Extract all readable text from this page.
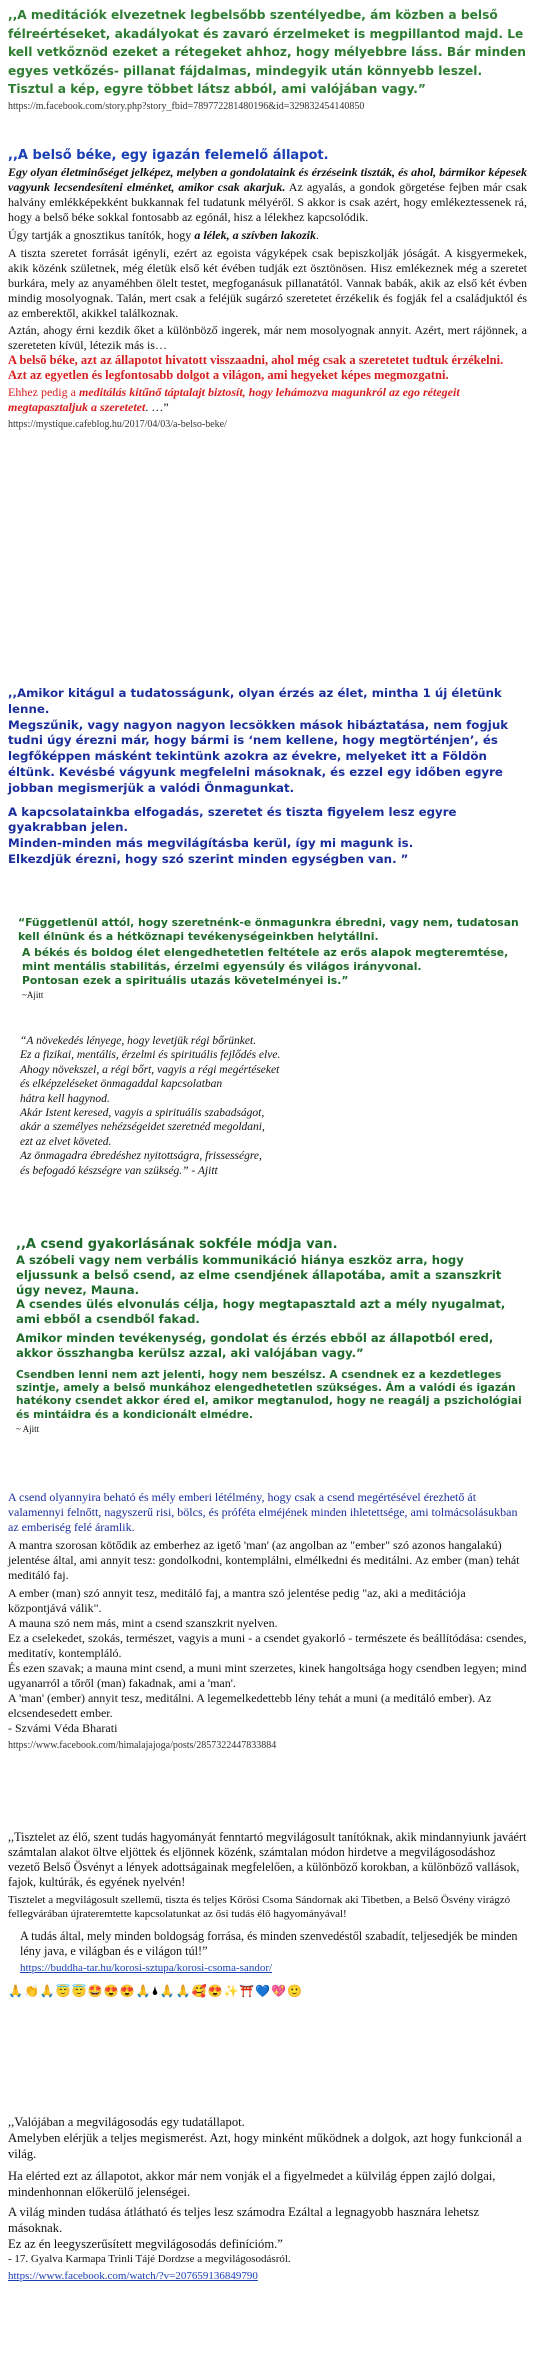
,,A meditációk elvezetnek legbelsőbb szentélyedbe, ám közben a belső félreértéseket, akadályokat és zavaró érzelmeket is megpillantod majd. Le kell vetkőznöd ezeket a rétegeket ahhoz, hogy mélyebbre láss. Bár minden egyes vetkőzés- pillanat fájdalmas, mindegyik után könnyebb leszel. Tisztul a kép, egyre többet látsz abból, ami valójában vagy.”

https://m.facebook.com/story.php?story_fbid=789772281480196&id=329832454140850

,,A belső béke, egy igazán felemelő állapot.

Egy olyan életminőséget jelképez, melyben a gondolataink és érzéseink tiszták, és ahol, bármikor képesek vagyunk lecsendesíteni elménket, amikor csak akarjuk. Az agyalás, a gondok görgetése fejben már csak halvány emlékképekként bukkannak fel tudatunk mélyéről. S akkor is csak azért, hogy emlékeztessenek rá, hogy a belső béke sokkal fontosabb az egónál, hisz a lélekhez kapcsolódik.

Úgy tartják a gnosztikus tanítók, hogy a lélek, a szívben lakozik.

A tiszta szeretet forrását igényli, ezért az egoista vágyképek csak bepiszkolják jóságát. A kisgyermekek, akik közénk születnek, még életük első két évében tudják ezt ösztönösen. Hisz emlékeznek még a szeretet burkára, mely az anyaméhben ölelt testet, megfoganásuk pillanatától. Vannak babák, akik az első két évben mindig mosolyognak. Talán, mert csak a feléjük sugárzó szeretetet érzékelik és fogják fel a családjuktól és az emberektől, akikkel találkoznak.

Aztán, ahogy érni kezdik őket a különböző ingerek, már nem mosolyognak annyit. Azért, mert rájönnek, a szereteten kívül, létezik más is…

A belső béke, azt az állapotot hivatott visszaadni, ahol még csak a szeretetet tudtuk érzékelni.

Azt az egyetlen és legfontosabb dolgot a világon, ami hegyeket képes megmozgatni.

Ehhez pedig a meditálás kitűnő táptalajt biztosít, hogy lehámozva magunkról az ego rétegeit megtapasztaljuk a szeretetet. …”

https://mystique.cafeblog.hu/2017/04/03/a-belso-beke/

,,Amikor kitágul a tudatosságunk, olyan érzés az élet, mintha 1 új életünk lenne.

Megszűnik, vagy nagyon nagyon lecsökken mások hibáztatása, nem fogjuk tudni úgy érezni már, hogy bármi is ‘nem kellene, hogy megtörténjen’, és legfőképpen másként tekintünk azokra az évekre, melyeket itt a Földön éltünk. Kevésbé vágyunk megfelelni másoknak, és ezzel egy időben egyre jobban megismerjük a valódi Önmagunkat.

A kapcsolatainkba elfogadás, szeretet és tiszta figyelem lesz egyre gyakrabban jelen.

Minden-minden más megvilágításba kerül, így mi magunk is.

Elkezdjük érezni, hogy szó szerint minden egységben van. ”

“Függetlenül attól, hogy szeretnénk-e önmagunkra ébredni, vagy nem, tudatosan kell élnünk és a hétköznapi tevékenységeinkben helytállni.

A békés és boldog élet elengedhetetlen feltétele az erős alapok megteremtése,

mint mentális stabilitás, érzelmi egyensúly és világos irányvonal.

Pontosan ezek a spirituális utazás követelményei is.”

~Ajitt

“A növekedés lényege, hogy levetjük régi bőrünket.

Ez a fizikai, mentális, érzelmi és spirituális fejlődés elve.

Ahogy növekszel, a régi bőrt, vagyis a régi megértéseket

és elképzeléseket önmagaddal kapcsolatban

hátra kell hagynod.

Akár Istent keresed, vagyis a spirituális szabadságot,

akár a személyes nehézségeidet szeretnéd megoldani,

ezt az elvet követed.

Az önmagadra ébredéshez nyitottságra, frissességre,

és befogadó készségre van szükség.” - Ajitt

,,A csend gyakorlásának sokféle módja van.

A szóbeli vagy nem verbális kommunikáció hiánya eszköz arra, hogy eljussunk a belső csend, az elme csendjének állapotába, amit a szanszkrit úgy nevez, Mauna.

A csendes ülés elvonulás célja, hogy megtapasztald azt a mély nyugalmat, ami ebből a csendből fakad.

Amikor minden tevékenység, gondolat és érzés ebből az állapotból ered, akkor összhangba kerülsz azzal, aki valójában vagy.”

Csendben lenni nem azt jelenti, hogy nem beszélsz. A csendnek ez a kezdetleges szintje, amely a belső munkához elengedhetetlen szükséges. Ám a valódi és igazán hatékony csendet akkor éred el, amikor megtanulod, hogy ne reagálj a pszichológiai és mintáidra és a kondicionált elmédre.

~ Ajitt

A csend olyannyira beható és mély emberi létélmény, hogy csak a csend megértésével érezhető át valamennyi felnőtt, nagyszerű risi, bölcs, és próféta elméjének minden ihletettsége, ami tolmácsolásukban az emberiség felé áramlik.

A mantra szorosan kötődik az emberhez az igető 'man' (az angolban az "ember" szó azonos hangalakú) jelentése által, ami annyit tesz: gondolkodni, kontemplálni, elmélkedni és meditálni. Az ember (man) tehát meditáló faj.

A ember (man) szó annyit tesz, meditáló faj, a mantra szó jelentése pedig "az, aki a meditációja központjává válik".

A mauna szó nem más, mint a csend szanszkrit nyelven.

Ez a cselekedet, szokás, természet, vagyis a muni - a csendet gyakorló - természete és beállítódása: csendes, meditatív, kontempláló.

És ezen szavak; a mauna mint csend, a muni mint szerzetes, kinek hangoltsága hogy csendben legyen; mind ugyanarról a tőről (man) fakadnak, ami a 'man'.

A 'man' (ember) annyit tesz, meditálni. A legemelkedettebb lény tehát a muni (a meditáló ember). Az elcsendesedett ember.

- Szvámi Véda Bharati

https://www.facebook.com/himalajajoga/posts/2857322447833884

,,Tisztelet az élő, szent tudás hagyományát fenntartó megvilágosult tanítóknak, akik mindannyiunk javáért számtalan alakot öltve eljöttek és eljönnek közénk, számtalan módon hirdetve a megvilágosodáshoz vezető Belső Ösvényt a lények adottságainak megfelelően, a különböző korokban, a különböző vallások, fajok, kultúrák, és egyének nyelvén!

Tisztelet a megvilágosult szellemű, tiszta és teljes Kőrösi Csoma Sándornak aki Tibetben, a Belső Ösvény virágzó fellegvárában újrateremtette kapcsolatunkat az ősi tudás élő hagyományával!

A tudás által, mely minden boldogság forrása, és minden szenvedéstől szabadít, teljesedjék be minden lény java, e világban és e világon túl!”

https://buddha-tar.hu/korosi-sztupa/korosi-csoma-sandor/

🙏👏🙏😇😇🤩😍😍🙏🌢🙏🙏🥰😍✨⛩️💙💖🙂

,,Valójában a megvilágosodás egy tudatállapot.

Amelyben elérjük a teljes megismerést. Azt, hogy minként működnek a dolgok, azt hogy funkcionál a világ.

Ha elérted ezt az állapotot, akkor már nem vonják el a figyelmedet a külvilág éppen zajló dolgai, mindenhonnan előkerülő jelenségei.

A világ minden tudása átlátható és teljes lesz számodra Ezáltal a legnagyobb hasznára lehetsz másoknak.

Ez az én leegyszerűsített megvilágosodás definícióm.”

- 17. Gyalva Karmapa Trinli Tájé Dordzse a megvilágosodásról.

https://www.facebook.com/watch/?v=207659136849790
